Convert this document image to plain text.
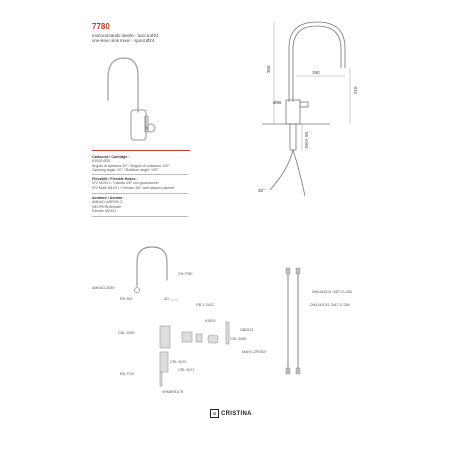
7780
monocomando lavello - bocca Ø24
one-lever sink mixer - spout Ø24
Cartuccia / Cartridge :
K3929 Ø35
Angolo di apertura 20° / Angolo di rotazione 100°
Opening angle: 20° / Rotation angle: 100°
Flessibili / Flexible Hoses :
N°2 M10X1 / Calotta 3/8" con guarnizione
N°2 Male M10X1 / Female 3/8" with washer painted
Aeratore / Aerator :
AMKAO-ARROK-3
NEOPERL/female
Female M24X1
190
350
215
Ø66
MAX 50
35°
CN-7780
AMKAO-ZB5Y
RH-353	AD
OR 3-2412
CRL-3090
K3929
EN-7720
CRL-3070
CRL-3071
CRL-3090
GB5224
MAHG-2R0507
VHM8F81CR
DN4-M10X1-3/8"CG-350
DN4-M10X1-3/8"CG-350
G CRISTINA
